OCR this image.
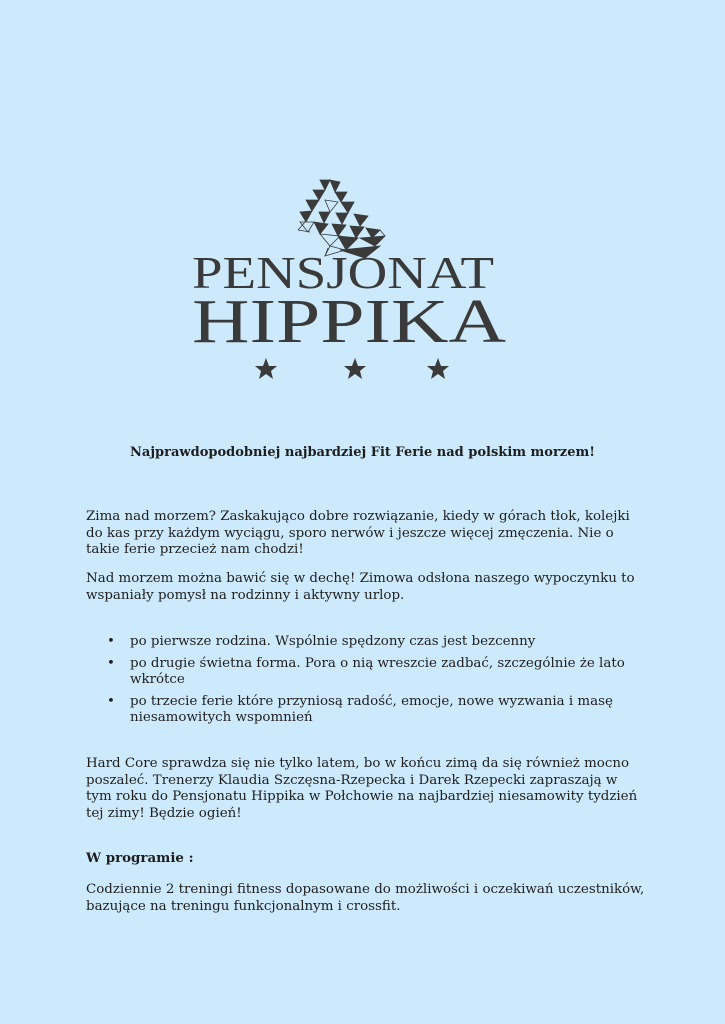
PENSJONAT
HIPPIKA
Najprawdopodobniej najbardziej Fit Ferie nad polskim morzem!
Zima nad morzem? Zaskakująco dobre rozwiązanie, kiedy w górach tłok, kolejki do kas przy każdym wyciągu, sporo nerwów i jeszcze więcej zmęczenia. Nie o takie ferie przecież nam chodzi!
Nad morzem można bawić się w dechę! Zimowa odsłona naszego wypoczynku to wspaniały pomysł na rodzinny i aktywny urlop.
• po pierwsze rodzina. Wspólnie spędzony czas jest bezcenny
• po drugie świetna forma. Pora o nią wreszcie zadbać, szczególnie że lato wkrótce
• po trzecie ferie które przyniosą radość, emocje, nowe wyzwania i masę niesamowitych wspomnień
Hard Core sprawdza się nie tylko latem, bo w końcu zimą da się również mocno poszaleć. Trenerzy Klaudia Szczęsna-Rzepecka i Darek Rzepecki zapraszają w tym roku do Pensjonatu Hippika w Połchowie na najbardziej niesamowity tydzień tej zimy! Będzie ogień!
W programie :
Codziennie 2 treningi fitness dopasowane do możliwości i oczekiwań uczestników, bazujące na treningu funkcjonalnym i crossfit.
